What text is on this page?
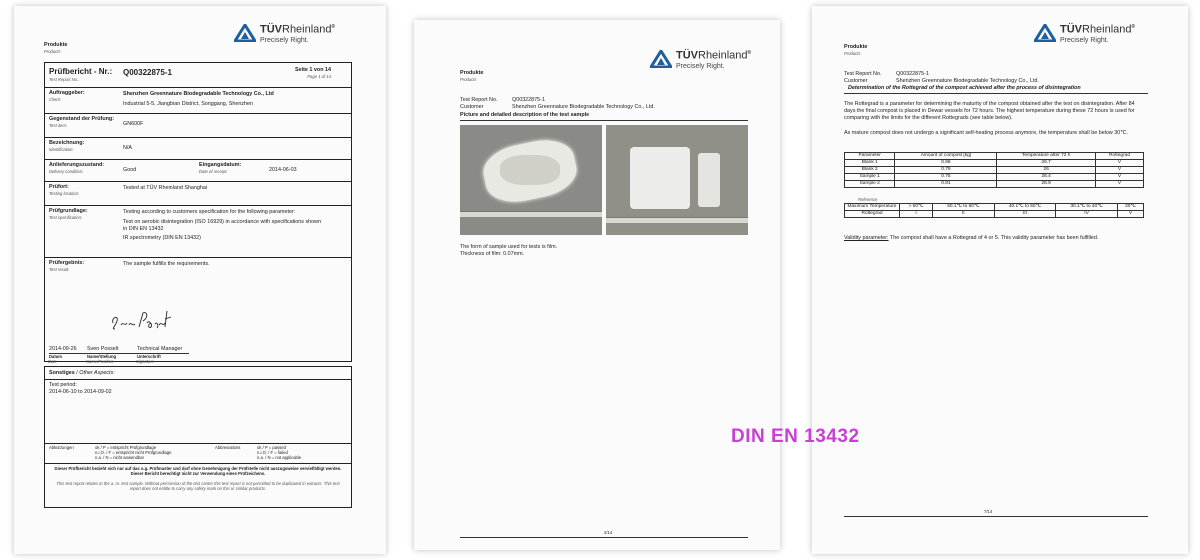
TÜVRheinland®
Precisely Right.
Produkte
Products
Prüfbericht - Nr.:
Test Report No.:
Q00322875-1	Seite 1 von 14
Page 1 of 14
Auftraggeber:
Client:
Shenzhen Greennature Biodegradable Technology Co., Ltd
Industrial 5-5, Jiangbian District, Songgang, Shenzhen
Gegenstand der Prüfung:
Test item:	GN600F
Bezeichnung:
Identification:	N/A
Anlieferungszustand:
Delivery condition:	Good
Eingangsdatum:
Date of receipt:	2014-06-03
Prüfort:
Testing location:
Tested at TÜV Rheinland Shanghai
Prüfgrundlage:
Test specification:
Testing according to customers specification for the following parameter:
Test on aerobic disintegration (ISO 16929) in accordance with specifications shown in DIN EN 13432
IR spectrometry (DIN EN 13432)
Prüfergebnis:
Test result:
The sample fulfills the requirements.
2014-09-26 Sven Posselt	Technical Manager
Datum	Name/Stellung	Unterschrift
Date	Name/Position	Signature
Sonstiges / Other Aspects:
Test period:
2014-06-10 to 2014-09-02
Abkürzungen	ok / P = entspricht Prüfgrundlage
n.i.O. / F = entspricht nicht Prüfgrundlage
n.a. / N = nicht anwendbar
Abbreviations	ok / P = passed
n.i.O. / F = failed
n.a. / N = not applicable
Dieser Prüfbericht bezieht sich nur auf das o.g. Prüfmuster und darf ohne Genehmigung der Prüfstelle nicht auszugsweise vervielfältigt werden. Dieser Bericht berechtigt nicht zur Verwendung eines Prüfzeichens.
This test report relates to the a. m. test sample. Without permission of the test center this test report is not permitted to be duplicated in extracts. This test report does not entitle to carry any safety mark on this or similar products.
TÜVRheinland®
Precisely Right.
Produkte
Products
Test Report No.	Q00322875-1
Customer	Shenzhen Greennature Biodegradable Technology Co., Ltd.
Picture and detailed description of the test sample
The form of sample used for tests is film.
Thickness of film: 0.07mm.
2/14
TÜVRheinland®
Precisely Right.
Produkte
Products
Test Report No.	Q00322875-1
Customer	Shenzhen Greennature Biodegradable Technology Co., Ltd.
Determination of the Rottegrad of the compost achieved after the process of disintegration
The Rottegrad is a parameter for determining the maturity of the compost obtained after the test on disintegration. After 84 days the final compost is placed in Dewar vessels for 72 hours. The highest temperature during these 72 hours is used for comparing with the limits for the different Rottegrads (see table below).
As mature compost does not undergo a significant self-heating process anymore, the temperature shall be below 30℃.
Parameter	Amount of compost [kg]	Temperature after 72 h	Rottegrad
Blank 1	0.86	26.7	V
Blank 2	0.79	26	V
Sample 1	0.75	26.4	V
Sample 2	0.81	28.9	V
Reference
Maximum Temperature	> 60℃	50.1℃ to 60℃	40.1℃ to 50℃	30.1℃ to 40℃	30℃
Rottegrad	I	II	III	IV	V
Validity parameter: The compost shall have a Rottegrad of 4 or 5. This validity parameter has been fulfilled.
7/14
DIN EN 13432
